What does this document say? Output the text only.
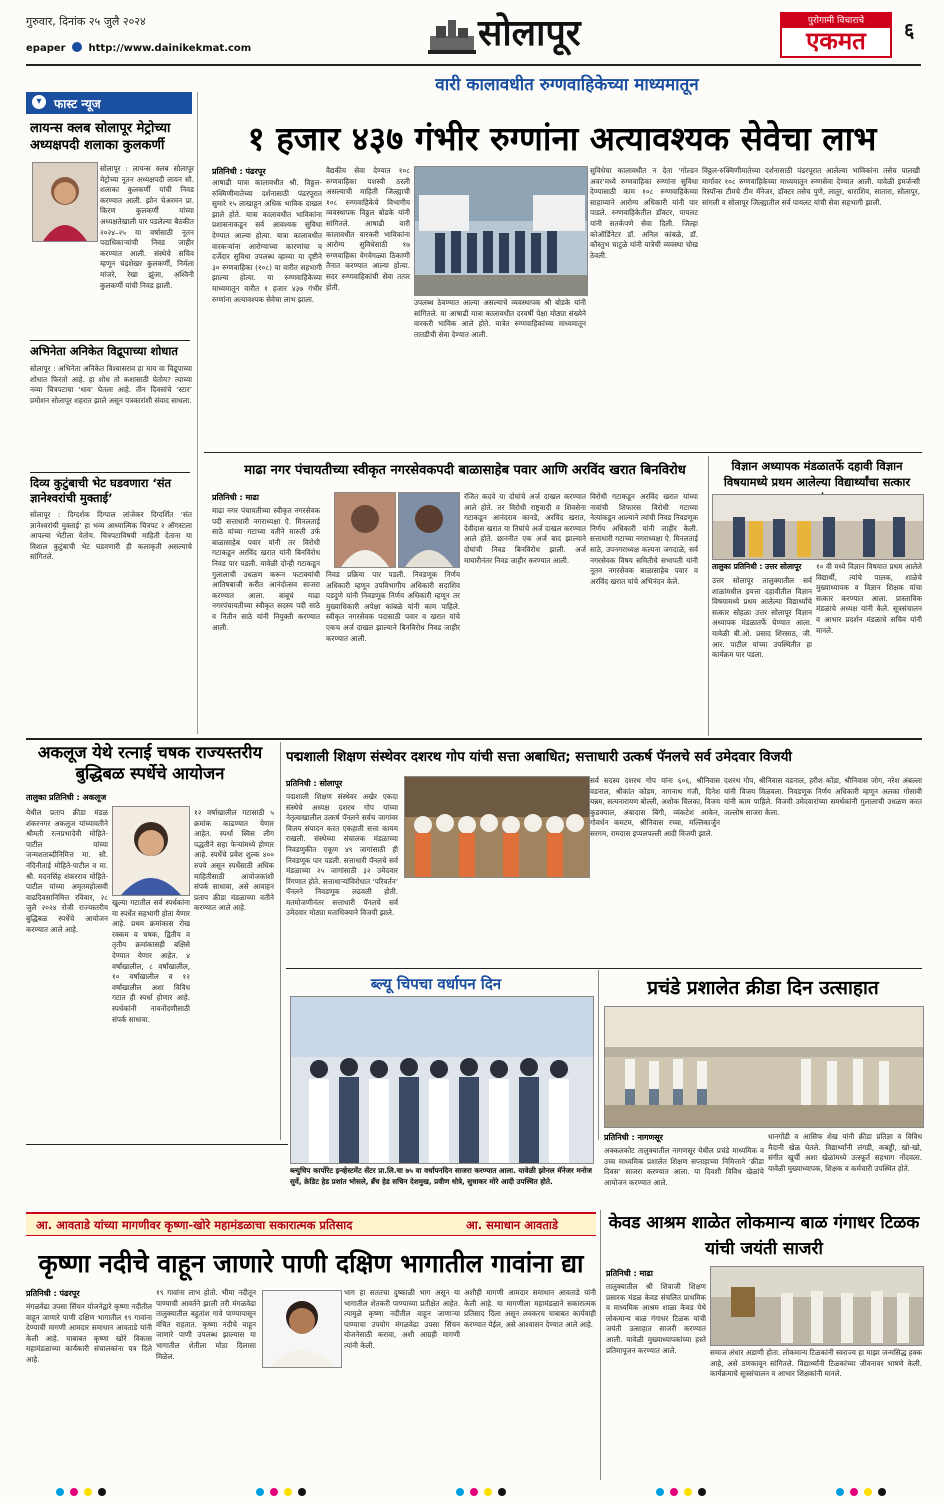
गुरुवार, दिनांक २५ जुलै २०२४
epaper http://www.dainikekmat.com	सोलापूर	पुरोगामी विचाराचे
एकमत	६
▾	फास्ट न्यूज
लायन्स क्लब सोलापूर मेट्रोच्या अध्यक्षपदी शलाका कुलकर्णी
सोलापूर : लायन्स क्लब सोलापूर मेट्रोच्या नूतन अध्यक्षपदी लायन सौ. शलाका कुलकर्णी यांची निवड करण्यात आली. झोन चेअरमन प्रा. किरण कुलकर्णी यांच्या अध्यक्षतेखाली पार पडलेल्या बैठकीत २०२४–२५ या वर्षासाठी नूतन पदाधिकाऱ्यांची निवड जाहीर करण्यात आली. संस्थेचे सचिव म्हणून चंद्रशेखर कुलकर्णी, निर्मला मांजरे, रेखा झुंजा, अश्विनी कुलकर्णी यांची निवड झाली.
अभिनेता अनिकेत विद्रूपाच्या शोधात
सोलापूर : अभिनेता अनिकेत विश्वासराव हा माय वा विद्रूपाच्या शोधात फिरतो आहे. हा शोध तो कशासाठी घेतोय? त्याच्या नव्या चित्रपटाचा ‘धाव’ घेतला आहे. तीन दिवसांचे ‘स्टार’ प्रमोशन सोलापूर शहरात झाले असून पत्रकारांशी संवाद साधला.
दिव्य कुटुंबाची भेट घडवणारा ‘संत ज्ञानेश्वरांची मुक्ताई’
सोलापूर : दिग्दर्शक दिग्पाल लांजेकर दिग्दर्शित ‘संत ज्ञानेश्वरांची मुक्ताई’ हा भव्य आध्यात्मिक चित्रपट २ ऑगस्टला आपल्या भेटीला येतोय. चित्रपटाविषयी माहिती देताना या विशाल कुटुंबाची भेट घडवणारी ही कलाकृती असल्याचे सांगितले.
वारी कालावधीत रुग्णवाहिकेच्या माध्यमातून
१ हजार ४३७ गंभीर रुग्णांना अत्यावश्यक सेवेचा लाभ
प्रतिनिधी : पंढरपूर
आषाढी यात्रा कालावधीत श्री. विठ्ठल-रुक्मिणीमातेच्या दर्शनासाठी पंढरपूरात सुमारे १५ लाखाहून अधिक भाविक दाखल झाले होते. यात्रा कालावधीत भाविकांना प्रशासनाकडून सर्व आवश्यक सुविधा देण्यात आल्या होत्या. यात्रा कालावधीत वारकऱ्यांना आरोग्याच्या कारणांचा व दर्जेदार सुविधा उपलब्ध व्हाव्या या दृष्टीने ३० रुग्णवाहिका (१०८) या वारीत सहभागी झाल्या होत्या. या रुग्णवाहिकेच्या माध्यमातून वारीत १ हजार ४३७ गंभीर रुग्णांना अत्यावश्यक सेवेचा लाभ झाला.
वैद्यकीय सेवा देण्यात १०८ रुग्णवाहिका यशस्वी ठरली असल्याची माहिती जिल्ह्याची १०८ रुग्णवाहिकेचे विभागीय व्यवस्थापक विठ्ठल बोडके यांनी सांगितले. आषाढी वारी कालावधीत वारकरी भाविकांना आरोग्य सुविधेसाठी १७ रुग्णवाहिका वेगवेगळ्या ठिकाणी तैनात करण्यात आल्या होत्या. सदर रुग्णवाहिकांची सेवा तत्पर होती.
उपलब्ध ठेवण्यात आल्या असल्याचे व्यवस्थापक श्री बोडके यांनी सांगितले. या आषाढी यात्रा कालावधीत दरवर्षी पेक्षा मोठ्या संख्येने वारकरी भाविक आले होते. यात्रेत रुग्णवाहिकांच्या माध्यमातून तातडीची सेवा देण्यात आली.
सुविधेचा कालावधीत न देता ‘गोल्डन अवर’मध्ये रुग्णवाहिका रुग्णांना सुविधा देण्यासाठी काम १०८ रुग्णवाहिकेच्या साहाय्याने आरोग्य अधिकारी यांनी पार पाडले. रुग्णवाहिकेतील डॉक्टर, पायलट यांनी सतर्कपणे सेवा दिली. जिल्हा कोऑर्डिनेटर डॉ. अनिल कांबळे, डॉ. कौस्तुभ चाटुळे यांनी यात्रेची व्यवस्था चोख ठेवली.
विठ्ठल-रुक्मिणीमातेच्या दर्शनासाठी पंढरपूरात आलेल्या भाविकांना तसेच पालखी मार्गावर १०८ रुग्णवाहिकेच्या माध्यमातून रुग्णसेवा देण्यात आली. यावेळी इमर्जन्सी रिस्पॉन्स टीमचे टीम मॅनेजर, डॉक्टर तसेच पुणे, लातूर, धाराशिव, सातारा, सोलापूर, सांगली व सोलापूर जिल्ह्यातील सर्व पायलट यांची सेवा सहभागी झाली.
माढा नगर पंचायतीच्या स्वीकृत नगरसेवकपदी बाळासाहेब पवार आणि अरविंद खरात बिनविरोध
प्रतिनिधी : माढा
माढा नगर पंचायतीच्या स्वीकृत नगरसेवक पदी सत्ताधारी नगराध्यक्षा ऐ. मिनलताई साठे यांच्या गटाच्या वतीने मारुती उर्फ बाळासाहेब पवार यांनी तर विरोधी गटाकडून अरविंद खरात यांनी बिनविरोध निवड पार पडली. यावेळी दोन्ही गटाकडून गुलालाची उधळण करून फटाक्यांची आतिषबाजी करीत आनंदोत्सव साजरा करण्यात आला. बाबूचं माढा नगरपंचायतीच्या स्वीकृत सदस्य पदी साठे व नितीन साठे यांनी नियुक्ती करण्यात आली.
निवड प्रक्रिया पार पडली. निवडणूक निर्णय अधिकारी म्हणून उपविभागीय अधिकारी सदाशिव पडदुणे यांनी निवडणूक निर्णय अधिकारी म्हणून तर मुख्याधिकारी अपेक्षा कांबळे यांनी काम पाहिले. स्वीकृत नगरसेवक पदासाठी पवार व खरात यांचे एकच अर्ज दाखल झाल्याने बिनविरोध निवड जाहीर करण्यात आली.
रंजित कदवे या दोघांचे अर्ज दाखल करण्यात आले होते. तर विरोधी राष्ट्रवादी व शिवसेना गटाकडून आनंदराव कानडे, अरविंद खरात, देवीदास खरात या तिघांचे अर्ज दाखल करण्यात आले होते. छाननीत एक अर्ज बाद झाल्याने दोघांची निवड बिनविरोध झाली. अर्ज माघारीनंतर निवड जाहीर करण्यात आली.
विरोधी गटाकडून अरविंद खरात यांच्या नावांची शिफारस विरोधी गटाच्या नेत्यांकडून आल्याने त्यांची निवड निवडणूक निर्णय अधिकारी यांनी जाहीर केली. सत्ताधारी गटाच्या नगराध्यक्षा ऐ. मिनलताई साठे, उपनगराध्यक्ष कल्पना जगदाळे, सर्व नगरसेवक विषय समितीचे सभापती यांनी नूतन नगरसेवक बाळासाहेब पवार व अरविंद खरात यांचे अभिनंदन केले.
विज्ञान अध्यापक मंडळातर्फे दहावी विज्ञान विषयामध्ये प्रथम आलेल्या विद्यार्थ्यांचा सत्कार
तालुका प्रतिनिधी : उत्तर सोलापूर
उत्तर सोलापूर तालुक्यातील सर्व शाळांमधील इयत्ता दहावीतील विज्ञान विषयामध्ये प्रथम आलेल्या विद्यार्थ्यांचे सत्कार सोहळा उत्तर सोलापूर विज्ञान अध्यापक मंडळातर्फे घेण्यात आला. यावेळी बी.ओ. प्रसाद शिरसाठ, जी. आर. पाटील यांच्या उपस्थितीत हा कार्यक्रम पार पडला.
१० वी मध्ये विज्ञान विषयात प्रथम आलेले विद्यार्थी, त्यांचे पालक, शाळेचे मुख्याध्यापक व विज्ञान शिक्षक यांचा सत्कार करण्यात आला. प्रास्ताविक मंडळाचे अध्यक्ष यांनी केले. सूत्रसंचालन व आभार प्रदर्शन मंडळाचे सचिव यांनी मानले.
अकलूज येथे रत्नाई चषक राज्यस्तरीय बुद्धिबळ स्पर्धेचे आयोजन
तालुका प्रतिनिधी : अकलूज
येथील प्रताप क्रीडा मंडळ शंकरनगर अकलूज यांच्यावतीने श्रीमती रत्नप्रभादेवी मोहिते-पाटील यांच्या जन्मशताब्दीनिमित्त मा. सौ. नंदिनीताई मोहिते-पाटील व मा. श्री. मदनसिंह शंकरराव मोहिते-पाटील यांच्या अमृतमहोत्सवी वाढदिवसानिमित्त रविवार, २८ जुलै २०२४ रोजी राज्यस्तरीय बुद्धिबळ स्पर्धेचे आयोजन करण्यात आले आहे.
खुल्या गटातील सर्व स्पर्धकांना या स्पर्धेत सहभागी होता येणार आहे. प्रथम क्रमांकास रोख रक्कम व चषक, द्वितीय व तृतीय क्रमांकासही बक्षिसे देण्यात येणार आहेत. ४ वर्षांखालील, ८ वर्षांखालील, १० वर्षांखालील व १२ वर्षांखालील अशा विविध गटात ही स्पर्धा होणार आहे. स्पर्धकांनी नावनोंदणीसाठी संपर्क साधावा.
१२ वर्षाखालील गटासाठी ५ क्रमांक काढण्यात येणार आहेत. स्पर्धा स्विस लीग पद्धतीने सहा फेऱ्यांमध्ये होणार आहे. स्पर्धेचे प्रवेश शुल्क ४०० रुपये असून स्पर्धेसाठी अधिक माहितीसाठी आयोजकांशी संपर्क साधावा, असे आवाहन प्रताप क्रीडा मंडळाच्या वतीने करण्यात आले आहे.
पद्मशाली शिक्षण संस्थेवर दशरथ गोप यांची सत्ता अबाधित; सत्ताधारी उत्कर्ष पॅनलचे सर्व उमेदवार विजयी
प्रतिनिधी : सोलापूर
पद्मशाली शिक्षण संस्थेवर अखेर एकदा संस्थेचे अध्यक्ष दशरथ गोप यांच्या नेतृत्वाखालील उत्कर्ष पॅनलने सर्वच जागांवर विजय संपादन करत एकहाती सत्ता कायम राखली. संस्थेच्या संचालक मंडळाच्या निवडणुकीत एकूण ४९ जागांसाठी ही निवडणूक पार पडली. सत्ताधारी पॅनलचे सर्व
मंडळाच्या २५ जागांसाठी ३२ उमेदवार रिंगणात होते. सत्ताधाऱ्यांविरोधात ‘परिवर्तन’ पॅनलने निवडणूक लढवली होती. मतमोजणीनंतर सत्ताधारी पॅनलचे सर्व उमेदवार मोठ्या मताधिक्याने विजयी झाले.
सर्व सदस्य दशरथ गोप यांना ६०६, श्रीनिवास वडनाल, श्रीकांत कोडम, नागनाथ गंजी, दिनेश यन्नम, सत्यनारायण बोल्ली, अशोक चिलका, विजय कुडक्याल, अंबादास बिंगी, व्यंकटेश आकेन, गोवर्धन कमटम, श्रीनिवास रच्चा, मल्लिकार्जुन सरगम, रामदास इप्पलपल्ली आदी विजयी झाले.
दशरथ गोप, श्रीनिवास वडनाल, हरीश कोंडा, श्रीनिवास जोग, नरेश अंबल्ला यांनी विजय मिळवला. निवडणूक निर्णय अधिकारी म्हणून अलका गोसावी यांनी काम पाहिले. विजयी उमेदवारांच्या समर्थकांनी गुलालाची उधळण करत जल्लोष साजरा केला.
ब्ल्यू चिपचा वर्धापन दिन
ब्ल्युचिप कार्पोरेट इन्व्हेस्टमेंट सेंटर प्रा.लि.चा ७५ वा वर्धापनदिन साजरा करण्यात आला. यावेळी झोनल मॅनेजर मनोज सुर्वे, क्रेडिट हेड प्रशांत भोसले, ब्रँच हेड सचिन देशमुख, प्रवीण धोत्रे, सुधाकर मोरे आदी उपस्थित होते.
प्रचंडे प्रशालेत क्रीडा दिन उत्साहात
प्रतिनिधी : नागणसूर
अक्कलकोट तालुक्यातील नागणसूर येथील प्रचंडे माध्यमिक व उच्च माध्यमिक प्रशालेत शिक्षण सप्ताहाच्या निमित्ताने ‘क्रीडा दिवस’ साजरा करण्यात आला. या दिवशी विविध खेळांचे आयोजन करण्यात आले.
धानगोंडी व आसिफ शेख यांनी क्रीडा प्रतिज्ञा व विविध मैदानी खेळ घेतले. विद्यार्थ्यांनी लंगडी, कबड्डी, खो-खो, संगीत खुर्ची अशा खेळांमध्ये उत्स्फूर्त सहभाग नोंदवला. यावेळी मुख्याध्यापक, शिक्षक व कर्मचारी उपस्थित होते.
आ. आवताडे यांच्या मागणीवर कृष्णा-खोरे महामंडळाचा सकारात्मक प्रतिसाद	आ. समाधान आवताडे
कृष्णा नदीचे वाहून जाणारे पाणी दक्षिण भागातील गावांना द्या
प्रतिनिधी : पंढरपूर
मंगळवेढा उपसा सिंचन योजनेद्वारे कृष्णा नदीतील वाहून जाणारे पाणी दक्षिण भागातील १९ गावांना देण्याची मागणी आमदार समाधान आवताडे यांनी केली आहे. याबाबत कृष्णा खोरे विकास महामंडळाच्या कार्यकारी संचालकांना पत्र दिले आहे.
१९ गावांना लाभ होतो. भीमा नदीतून पाण्याची आवर्तने झाली तरी मंगळवेढा तालुक्यातील बहुतांश गावे पाण्यापासून वंचित राहतात. कृष्णा नदीचे वाहून जाणारे पाणी उपलब्ध झाल्यास या भागातील शेतीला मोठा दिलासा मिळेल.
भाग हा सततचा दुष्काळी भाग असून या भागातील शेतकरी पाण्याच्या प्रतीक्षेत आहेत. त्यामुळे कृष्णा नदीतील वाहून जाणाऱ्या पाण्याचा उपयोग मंगळवेढा उपसा सिंचन योजनेसाठी करावा, अशी आग्रही मागणी त्यांनी केली.
अशीही मागणी आमदार समाधान आवताडे यांनी केली आहे. या मागणीला महामंडळाने सकारात्मक प्रतिसाद दिला असून लवकरच याबाबत कार्यवाही करण्यात येईल, असे आश्वासन देण्यात आले आहे.
केवड आश्रम शाळेत लोकमान्य बाळ गंगाधर टिळक यांची जयंती साजरी
प्रतिनिधी : माढा
तालुक्यातील श्री शिवाजी शिक्षण प्रसारक मंडळ केवड संचलित प्राथमिक व माध्यमिक आश्रम शाळा केवड येथे लोकमान्य बाळ गंगाधर टिळक यांची जयंती उत्साहात साजरी करण्यात आली. यावेळी मुख्याध्यापकांच्या हस्ते प्रतिमापूजन करण्यात आले.	समाज अंधार अडाणी होता. लोकमान्य टिळकांनी स्वराज्य हा माझा जन्मसिद्ध हक्क आहे, असे ठणकावून सांगितले. विद्यार्थ्यांनी टिळकांच्या जीवनावर भाषणे केली. कार्यक्रमाचे सूत्रसंचालन व आभार शिक्षकांनी मानले.
